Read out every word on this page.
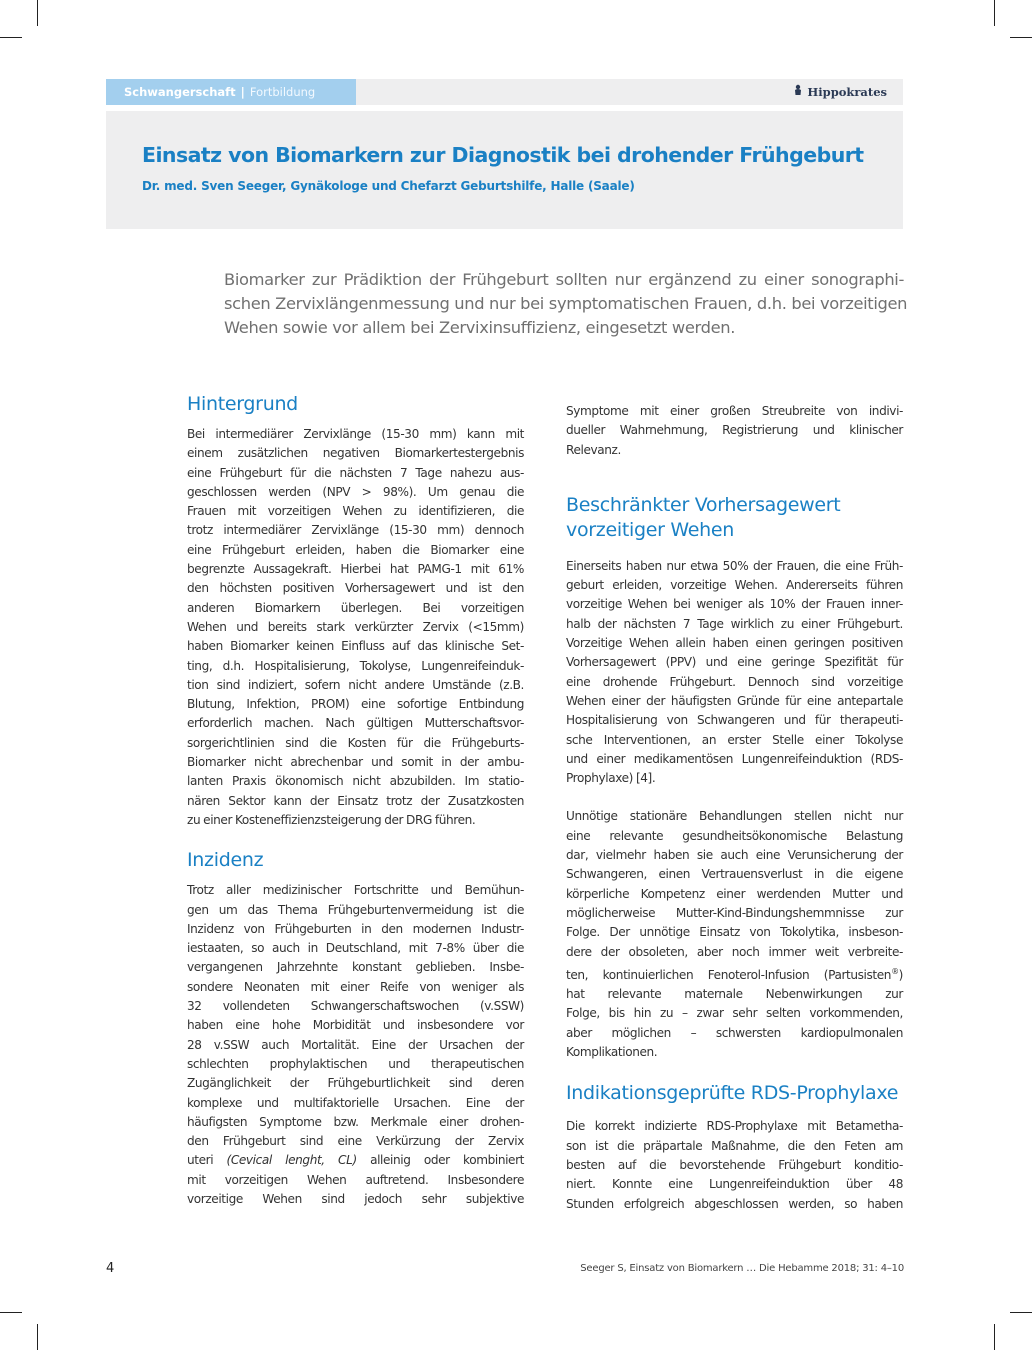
Schwangerschaft | Fortbildung	Hippokrates
Einsatz von Biomarkern zur Diagnostik bei drohender Frühgeburt
Dr. med. Sven Seeger, Gynäkologe und Chefarzt Geburtshilfe, Halle (Saale)

Biomarker zur Prädiktion der Frühgeburt sollten nur ergänzend zu einer sonographi-
schen Zervixlängenmessung und nur bei symptomatischen Frauen, d.h. bei vorzeitigen
Wehen sowie vor allem bei Zervixinsuffizienz, eingesetzt werden.

Hintergrund

Bei intermediärer Zervixlänge (15-30 mm) kann mit
einem zusätzlichen negativen Biomarkertestergebnis
eine Frühgeburt für die nächsten 7 Tage nahezu aus-
geschlossen werden (NPV > 98%). Um genau die
Frauen mit vorzeitigen Wehen zu identifizieren, die
trotz intermediärer Zervixlänge (15-30 mm) dennoch
eine Frühgeburt erleiden, haben die Biomarker eine
begrenzte Aussagekraft. Hierbei hat PAMG-1 mit 61%
den höchsten positiven Vorhersagewert und ist den
anderen Biomarkern überlegen. Bei vorzeitigen
Wehen und bereits stark verkürzter Zervix (<15mm)
haben Biomarker keinen Einfluss auf das klinische Set-
ting, d.h. Hospitalisierung, Tokolyse, Lungenreifeinduk-
tion sind indiziert, sofern nicht andere Umstände (z.B.
Blutung, Infektion, PROM) eine sofortige Entbindung
erforderlich machen. Nach gültigen Mutterschaftsvor-
sorgerichtlinien sind die Kosten für die Frühgeburts-
Biomarker nicht abrechenbar und somit in der ambu-
lanten Praxis ökonomisch nicht abzubilden. Im statio-
nären Sektor kann der Einsatz trotz der Zusatzkosten
zu einer Kosteneffizienzsteigerung der DRG führen.

Inzidenz

Trotz aller medizinischer Fortschritte und Bemühun-
gen um das Thema Frühgeburtenvermeidung ist die
Inzidenz von Frühgeburten in den modernen Industr-
iestaaten, so auch in Deutschland, mit 7-8% über die
vergangenen Jahrzehnte konstant geblieben. Insbe-
sondere Neonaten mit einer Reife von weniger als
32 vollendeten Schwangerschaftswochen (v.SSW)
haben eine hohe Morbidität und insbesondere vor
28 v.SSW auch Mortalität. Eine der Ursachen der
schlechten prophylaktischen und therapeutischen
Zugänglichkeit der Frühgeburtlichkeit sind deren
komplexe und multifaktorielle Ursachen. Eine der
häufigsten Symptome bzw. Merkmale einer drohen-
den Frühgeburt sind eine Verkürzung der Zervix
uteri (Cevical lenght, CL) alleinig oder kombiniert
mit vorzeitigen Wehen auftretend. Insbesondere
vorzeitige Wehen sind jedoch sehr subjektive

Symptome mit einer großen Streubreite von indivi-
dueller Wahrnehmung, Registrierung und klinischer
Relevanz.

Beschränkter Vorhersagewert
vorzeitiger Wehen

Einerseits haben nur etwa 50% der Frauen, die eine Früh-
geburt erleiden, vorzeitige Wehen. Andererseits führen
vorzeitige Wehen bei weniger als 10% der Frauen inner-
halb der nächsten 7 Tage wirklich zu einer Frühgeburt.
Vorzeitige Wehen allein haben einen geringen positiven
Vorhersagewert (PPV) und eine geringe Spezifität für
eine drohende Frühgeburt. Dennoch sind vorzeitige
Wehen einer der häufigsten Gründe für eine antepartale
Hospitalisierung von Schwangeren und für therapeuti-
sche Interventionen, an erster Stelle einer Tokolyse
und einer medikamentösen Lungenreifeinduktion (RDS-
Prophylaxe) [4].

Unnötige stationäre Behandlungen stellen nicht nur
eine relevante gesundheitsökonomische Belastung
dar, vielmehr haben sie auch eine Verunsicherung der
Schwangeren, einen Vertrauensverlust in die eigene
körperliche Kompetenz einer werdenden Mutter und
möglicherweise Mutter-Kind-Bindungshemmnisse zur
Folge. Der unnötige Einsatz von Tokolytika, insbeson-
dere der obsoleten, aber noch immer weit verbreite-
ten, kontinuierlichen Fenoterol-Infusion (Partusisten®)
hat relevante maternale Nebenwirkungen zur
Folge, bis hin zu – zwar sehr selten vorkommenden,
aber möglichen – schwersten kardiopulmonalen
Komplikationen.

Indikationsgeprüfte RDS-Prophylaxe

Die korrekt indizierte RDS-Prophylaxe mit Betametha-
son ist die präpartale Maßnahme, die den Feten am
besten auf die bevorstehende Frühgeburt konditio-
niert. Konnte eine Lungenreifeinduktion über 48
Stunden erfolgreich abgeschlossen werden, so haben

4	Seeger S, Einsatz von Biomarkern … Die Hebamme 2018; 31: 4–10
